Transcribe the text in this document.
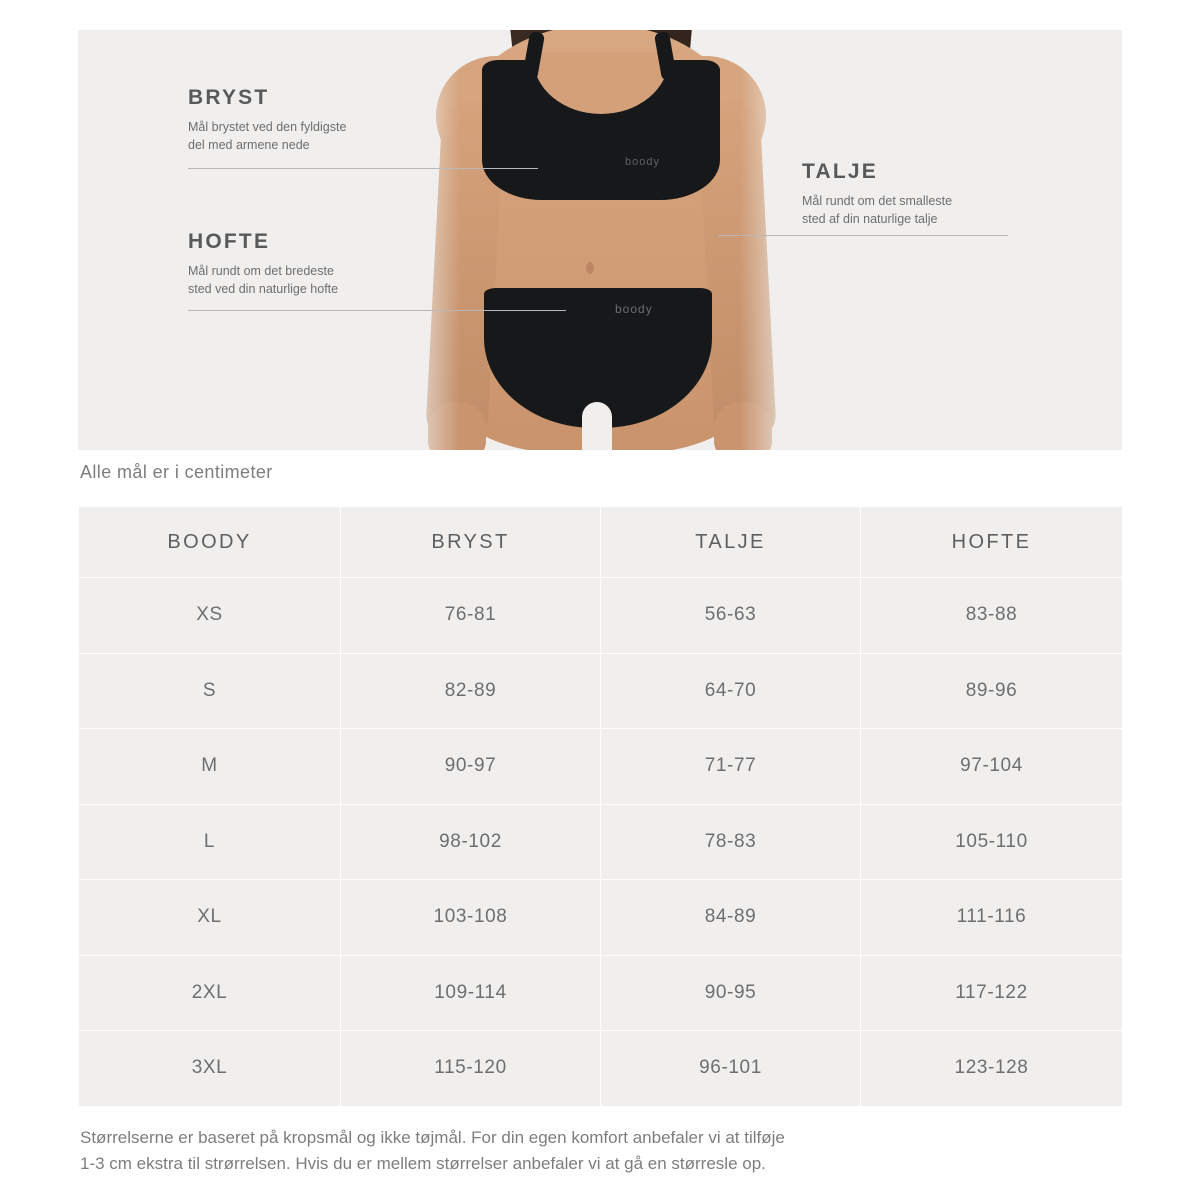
boody
boody
BRYST

Mål brystet ved den fyldigste
del med armene nede

HOFTE

Mål rundt om det bredeste
sted ved din naturlige hofte

TALJE

Mål rundt om det smalleste
sted af din naturlige talje

Alle mål er i centimeter
BOODY	BRYST	TALJE	HOFTE
XS	76-81	56-63	83-88
S	82-89	64-70	89-96
M	90-97	71-77	97-104
L	98-102	78-83	105-110
XL	103-108	84-89	111-116
2XL	109-114	90-95	117-122
3XL	115-120	96-101	123-128

Størrelserne er baseret på kropsmål og ikke tøjmål. For din egen komfort anbefaler vi at tilføje
1-3 cm ekstra til strørrelsen. Hvis du er mellem størrelser anbefaler vi at gå en størresle op.
